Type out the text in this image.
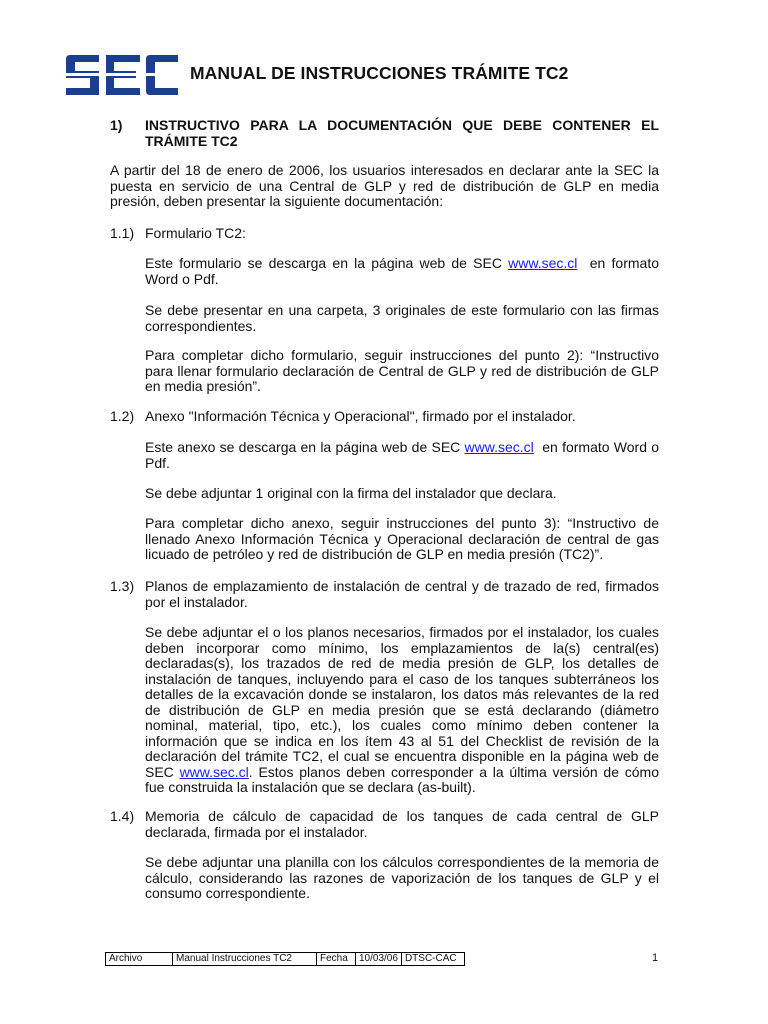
MANUAL DE INSTRUCCIONES TRÁMITE TC2
1) INSTRUCTIVO PARA LA DOCUMENTACIÓN QUE DEBE CONTENER EL TRÁMITE TC2
A partir del 18 de enero de 2006, los usuarios interesados en declarar ante la SEC la puesta en servicio de una Central de GLP y red de distribución de GLP en media presión, deben presentar la siguiente documentación:
1.1) Formulario TC2:
Este formulario se descarga en la página web de SEC www.sec.cl en formato Word o Pdf.
Se debe presentar en una carpeta, 3 originales de este formulario con las firmas correspondientes.
Para completar dicho formulario, seguir instrucciones del punto 2): “Instructivo para llenar formulario declaración de Central de GLP y red de distribución de GLP en media presión”.
1.2) Anexo "Información Técnica y Operacional", firmado por el instalador.
Este anexo se descarga en la página web de SEC www.sec.cl en formato Word o Pdf.
Se debe adjuntar 1 original con la firma del instalador que declara.
Para completar dicho anexo, seguir instrucciones del punto 3): “Instructivo de llenado Anexo Información Técnica y Operacional declaración de central de gas licuado de petróleo y red de distribución de GLP en media presión (TC2)”.
1.3) Planos de emplazamiento de instalación de central y de trazado de red, firmados por el instalador.
Se debe adjuntar el o los planos necesarios, firmados por el instalador, los cuales deben incorporar como mínimo, los emplazamientos de la(s) central(es) declaradas(s), los trazados de red de media presión de GLP, los detalles de instalación de tanques, incluyendo para el caso de los tanques subterráneos los detalles de la excavación donde se instalaron, los datos más relevantes de la red de distribución de GLP en media presión que se está declarando (diámetro nominal, material, tipo, etc.), los cuales como mínimo deben contener la información que se indica en los ítem 43 al 51 del Checklist de revisión de la declaración del trámite TC2, el cual se encuentra disponible en la página web de SEC www.sec.cl. Estos planos deben corresponder a la última versión de cómo fue construida la instalación que se declara (as-built).
1.4) Memoria de cálculo de capacidad de los tanques de cada central de GLP declarada, firmada por el instalador.
Se debe adjuntar una planilla con los cálculos correspondientes de la memoria de cálculo, considerando las razones de vaporización de los tanques de GLP y el consumo correspondiente.
Archivo	Manual Instrucciones TC2	Fecha	10/03/06	DTSC-CAC	1
